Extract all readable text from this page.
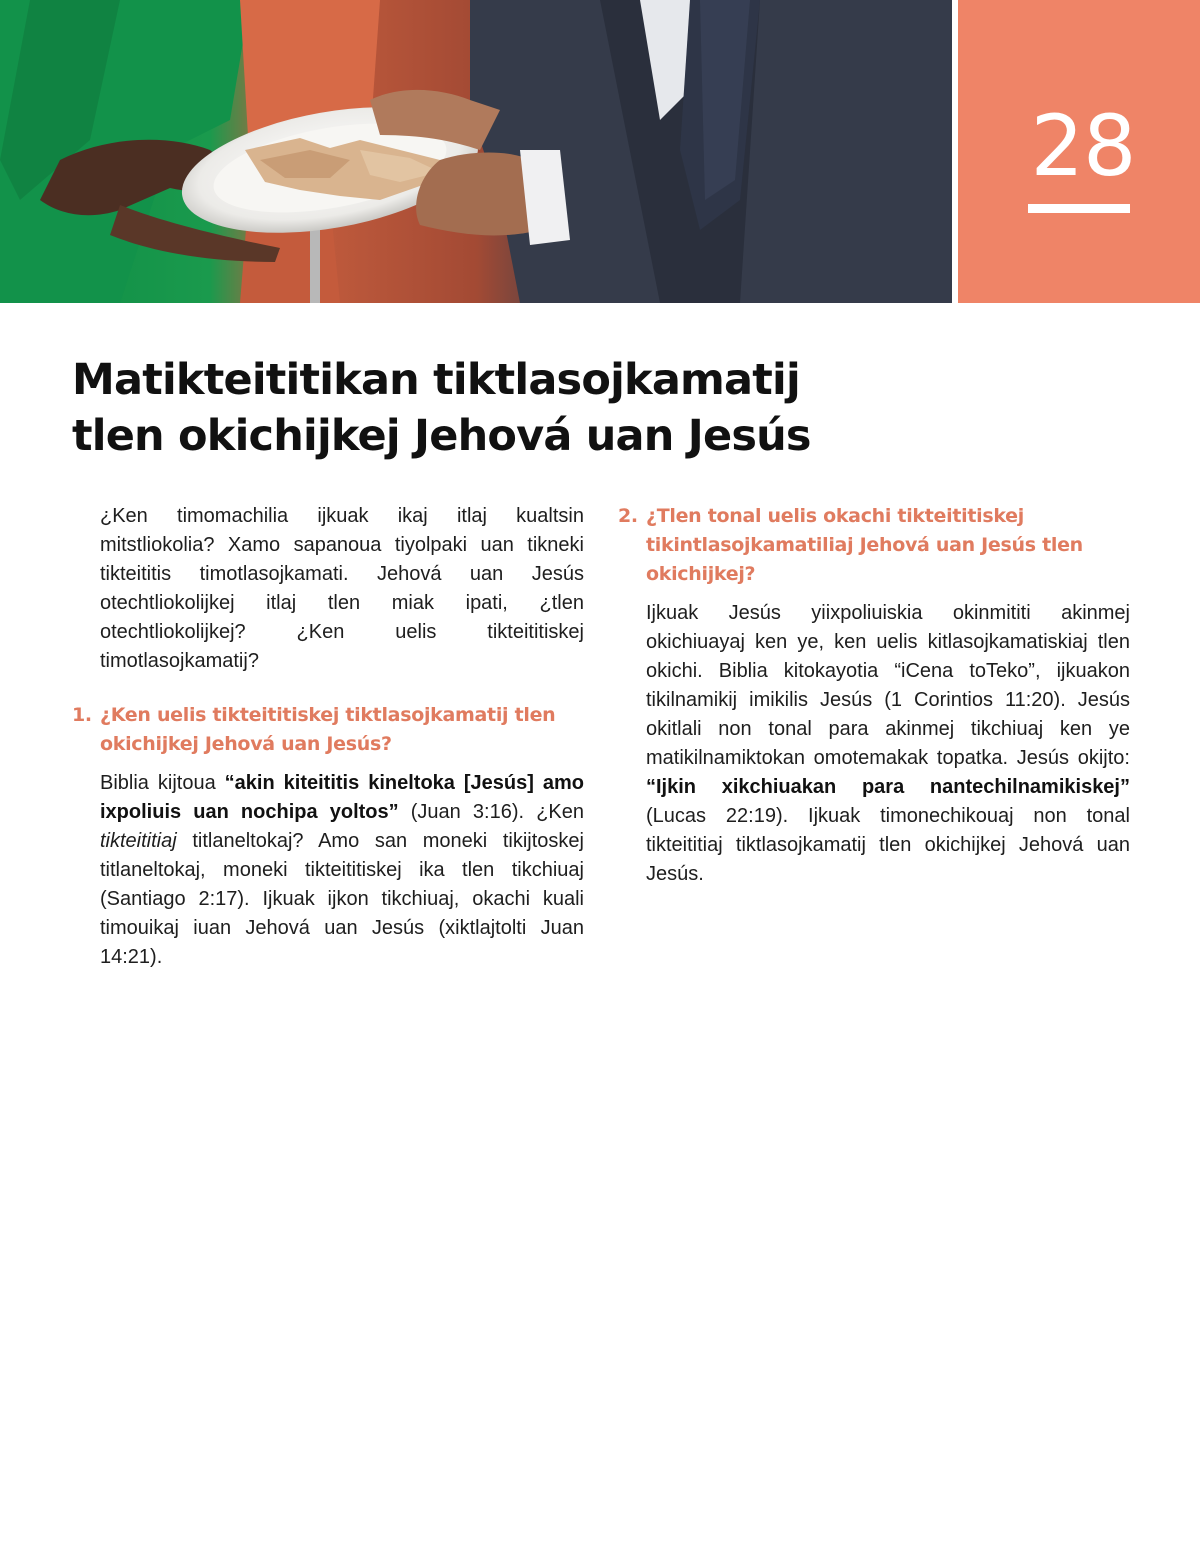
28
Matikteititikan tiktlasojkamatij
tlen okichijkej Jehová uan Jesús

¿Ken timomachilia ijkuak ikaj itlaj kualtsin mitstliokolia? Xamo sapanoua tiyolpaki uan tikneki tikteititis timotlasojkamati. Jehová uan Jesús otechtliokolijkej itlaj tlen miak ipati, ¿tlen otechtliokolijkej? ¿Ken uelis tikteititiskej timotlasojkamatij?

1. ¿Ken uelis tikteititiskej tiktlasojkamatij tlen okichijkej Jehová uan Jesús?

Biblia kijtoua “akin kiteititis kineltoka [Jesús] amo ixpoliuis uan nochipa yoltos” (Juan 3:16). ¿Ken tikteititiaj titlaneltokaj? Amo san moneki tikijtoskej titlaneltokaj, moneki tikteititiskej ika tlen tikchiuaj (Santiago 2:17). Ijkuak ijkon tikchiuaj, okachi kuali timouikaj iuan Jehová uan Jesús (xiktlajtolti Juan 14:21).

2. ¿Tlen tonal uelis okachi tikteititiskej tikintlasojkamatiliaj Jehová uan Jesús tlen okichijkej?

Ijkuak Jesús yiixpoliuiskia okinmititi akinmej okichiuayaj ken ye, ken uelis kitlasojkamatiskiaj tlen okichi. Biblia kitokayotia “iCena toTeko”, ijkuakon tikilnamikij imikilis Jesús (1 Corintios 11:20). Jesús okitlali non tonal para akinmej tikchiuaj ken ye matikilnamiktokan omotemakak topatka. Jesús okijto: “Ijkin xikchiuakan para nantechilnamikiskej” (Lucas 22:19). Ijkuak timonechikouaj non tonal tikteititiaj tiktlasojkamatij tlen okichijkej Jehová uan Jesús.
